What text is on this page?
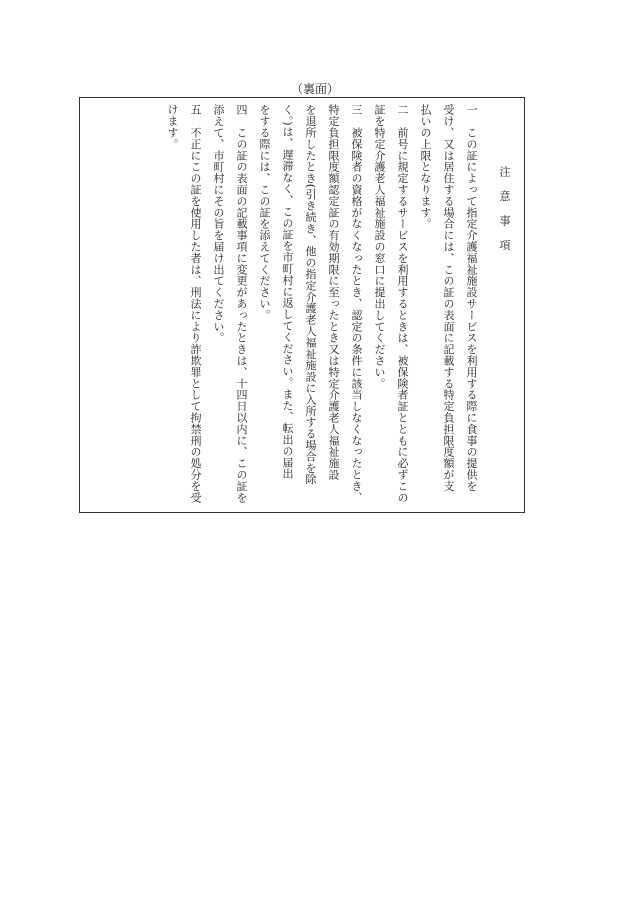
（裏面）
注 意 事 項
一　この証によって指定介護福祉施設サービスを利用する際に食事の提供を
受け、又は居住する場合には、この証の表面に記載する特定負担限度額が支
払いの上限となります。
二　前号に規定するサービスを利用するときは、被保険者証とともに必ずこの
証を特定介護老人福祉施設の窓口に提出してください。
三　被保険者の資格がなくなったとき、認定の条件に該当しなくなったとき、
特定負担限度額認定証の有効期限に至ったとき又は特定介護老人福祉施設
を退所したとき(引き続き、他の指定介護老人福祉施設に入所する場合を除
く。)は、遅滞なく、この証を市町村に返してください。また、転出の届出
をする際には、この証を添えてください。
四　この証の表面の記載事項に変更があったときは、十四日以内に、この証を
添えて、市町村にその旨を届け出てください。
五　不正にこの証を使用した者は、刑法により詐欺罪として拘禁刑の処分を受
けます。
